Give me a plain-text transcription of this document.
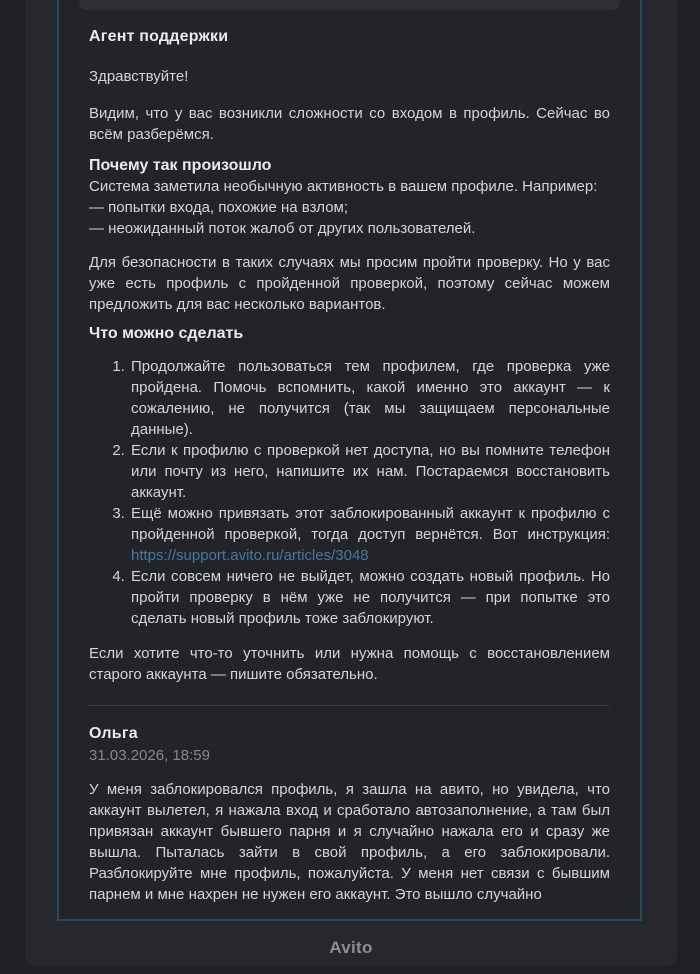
Агент поддержки

Здравствуйте!

Видим, что у вас возникли сложности со входом в профиль. Сейчас во всём разберёмся.

Почему так произошло
Система заметила необычную активность в вашем профиле. Например:
— попытки входа, похожие на взлом;
— неожиданный поток жалоб от других пользователей.

Для безопасности в таких случаях мы просим пройти проверку. Но у вас уже есть профиль с пройденной проверкой, поэтому сейчас можем предложить для вас несколько вариантов.

Что можно сделать
1. Продолжайте пользоваться тем профилем, где проверка уже пройдена. Помочь вспомнить, какой именно это аккаунт — к сожалению, не получится (так мы защищаем персональные данные).
2. Если к профилю с проверкой нет доступа, но вы помните телефон или почту из него, напишите их нам. Постараемся восстановить аккаунт.
3. Ещё можно привязать этот заблокированный аккаунт к профилю с пройденной проверкой, тогда доступ вернётся. Вот инструкция: https://support.avito.ru/articles/3048
4. Если совсем ничего не выйдет, можно создать новый профиль. Но пройти проверку в нём уже не получится — при попытке это сделать новый профиль тоже заблокируют.

Если хотите что-то уточнить или нужна помощь с восстановлением старого аккаунта — пишите обязательно.

Ольга
31.03.2026, 18:59

У меня заблокировался профиль, я зашла на авито, но увидела, что аккаунт вылетел, я нажала вход и сработало автозаполнение, а там был привязан аккаунт бывшего парня и я случайно нажала его и сразу же вышла. Пыталась зайти в свой профиль, а его заблокировали. Разблокируйте мне профиль, пожалуйста. У меня нет связи с бывшим парнем и мне нахрен не нужен его аккаунт. Это вышло случайно

Avito
